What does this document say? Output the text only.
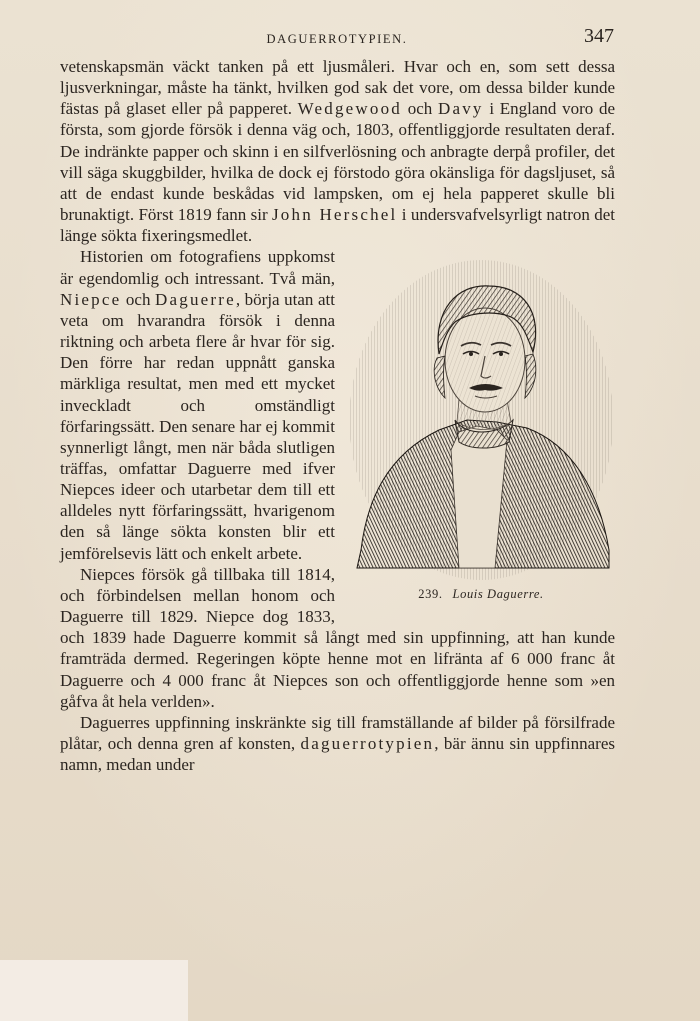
DAGUERROTYPIEN.	347

vetenskapsmän väckt tanken på ett ljusmåleri. Hvar och en, som sett dessa ljusverkningar, måste ha tänkt, hvilken god sak det vore, om dessa bilder kunde fästas på glaset eller på papperet. Wedgewood och Davy i England voro de första, som gjorde försök i denna väg och, 1803, offentliggjorde resultaten deraf. De indränkte papper och skinn i en silfverlösning och anbragte derpå profiler, det vill säga skuggbilder, hvilka de dock ej förstodo göra okänsliga för dagsljuset, så att de endast kunde beskådas vid lampsken, om ej hela papperet skulle bli brunaktigt. Först 1819 fann sir John Herschel i undersvafvelsyrligt natron det länge sökta fixeringsmedlet.

239. Louis Daguerre.

Historien om fotografiens uppkomst är egendomlig och intressant. Två män, Niepce och Daguerre, börja utan att veta om hvarandra försök i denna riktning och arbeta flere år hvar för sig. Den förre har redan uppnått ganska märkliga resultat, men med ett mycket inveckladt och omständligt förfaringssätt. Den senare har ej kommit synnerligt långt, men när båda slutligen träffas, omfattar Daguerre med ifver Niepces ideer och utarbetar dem till ett alldeles nytt förfaringssätt, hvarigenom den så länge sökta konsten blir ett jemförelsevis lätt och enkelt arbete.

Niepces försök gå tillbaka till 1814, och förbindelsen mellan honom och Daguerre till 1829. Niepce dog 1833, och 1839 hade Daguerre kommit så långt med sin uppfinning, att han kunde framträda dermed. Regeringen köpte henne mot en lifränta af 6 000 franc åt Daguerre och 4 000 franc åt Niepces son och offentliggjorde henne som »en gåfva åt hela verlden».

Daguerres uppfinning inskränkte sig till framställande af bilder på försilfrade plåtar, och denna gren af konsten, daguerrotypien, bär ännu sin uppfinnares namn, medan under
